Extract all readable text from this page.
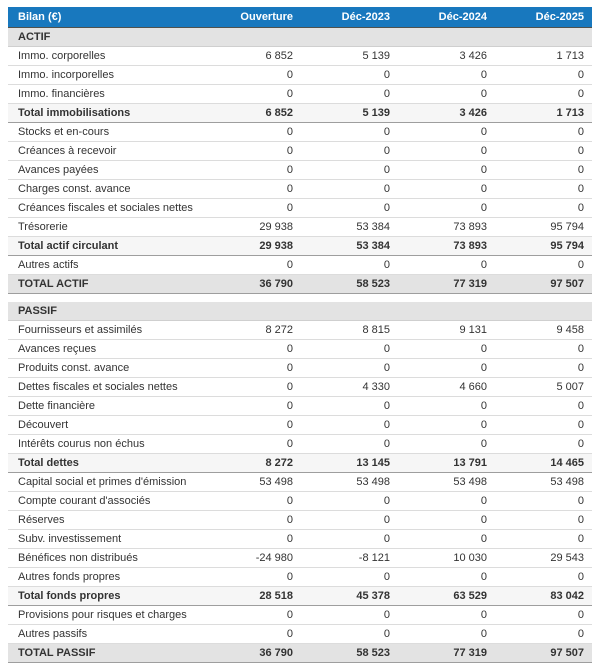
Bilan (€)	Ouverture	Déc-2023	Déc-2024	Déc-2025
ACTIF				
Immo. corporelles	6 852	5 139	3 426	1 713
Immo. incorporelles	0	0	0	0
Immo. financières	0	0	0	0
Total immobilisations	6 852	5 139	3 426	1 713
Stocks et en-cours	0	0	0	0
Créances à recevoir	0	0	0	0
Avances payées	0	0	0	0
Charges const. avance	0	0	0	0
Créances fiscales et sociales nettes	0	0	0	0
Trésorerie	29 938	53 384	73 893	95 794
Total actif circulant	29 938	53 384	73 893	95 794
Autres actifs	0	0	0	0
TOTAL ACTIF	36 790	58 523	77 319	97 507

PASSIF				
Fournisseurs et assimilés	8 272	8 815	9 131	9 458
Avances reçues	0	0	0	0
Produits const. avance	0	0	0	0
Dettes fiscales et sociales nettes	0	4 330	4 660	5 007
Dette financière	0	0	0	0
Découvert	0	0	0	0
Intérêts courus non échus	0	0	0	0
Total dettes	8 272	13 145	13 791	14 465
Capital social et primes d'émission	53 498	53 498	53 498	53 498
Compte courant d'associés	0	0	0	0
Réserves	0	0	0	0
Subv. investissement	0	0	0	0
Bénéfices non distribués	-24 980	-8 121	10 030	29 543
Autres fonds propres	0	0	0	0
Total fonds propres	28 518	45 378	63 529	83 042
Provisions pour risques et charges	0	0	0	0
Autres passifs	0	0	0	0
TOTAL PASSIF	36 790	58 523	77 319	97 507
